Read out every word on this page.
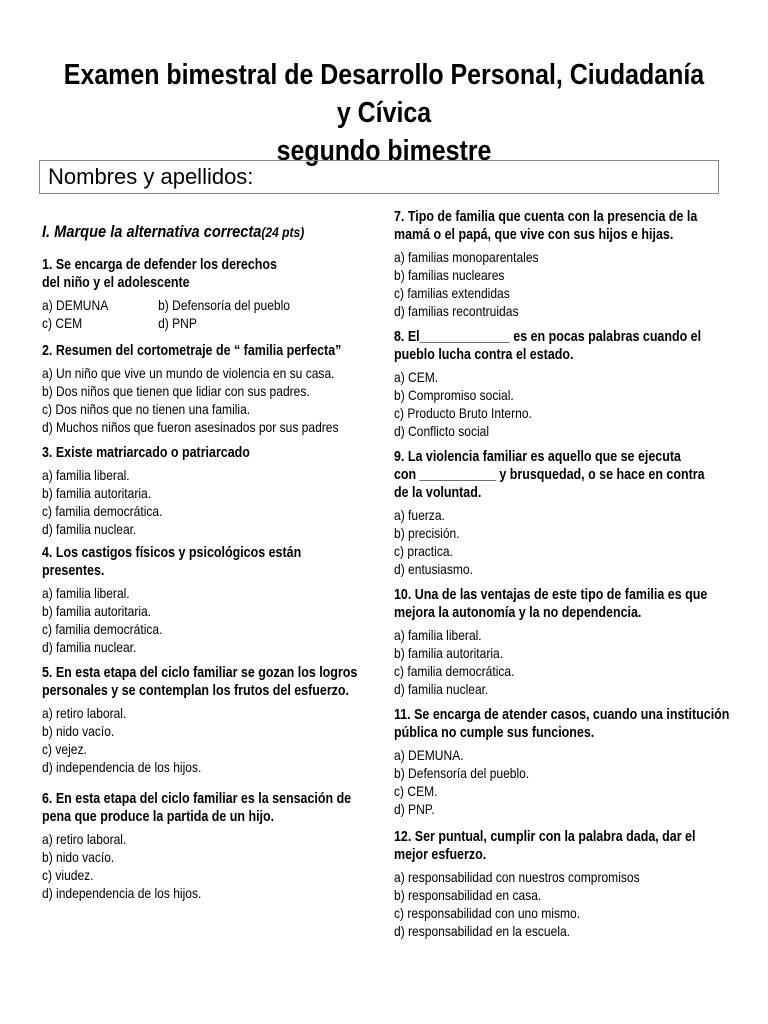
Examen bimestral de Desarrollo Personal, Ciudadanía y Cívica
segundo bimestre
Nombres y apellidos:
I. Marque la alternativa correcta(24 pts)
1. Se encarga de defender los derechos
del niño y el adolescente
a) DEMUNA	b) Defensoría del pueblo
c) CEM	d) PNP
2. Resumen del cortometraje de “ familia perfecta”
a) Un niño que vive un mundo de violencia en su casa.
b) Dos niños que tienen que lidiar con sus padres.
c) Dos niños que no tienen una familia.
d) Muchos niños que fueron asesinados por sus padres
3. Existe matriarcado o patriarcado
a) familia liberal.
b) familia autoritaria.
c) familia democrática.
d) familia nuclear.
4. Los castigos físicos y psicológicos están
presentes.
a) familia liberal.
b) familia autoritaria.
c) familia democrática.
d) familia nuclear.
5. En esta etapa del ciclo familiar se gozan los logros
personales y se contemplan los frutos del esfuerzo.
a) retiro laboral.
b) nido vacío.
c) vejez.
d) independencia de los hijos.
6. En esta etapa del ciclo familiar es la sensación de
pena que produce la partida de un hijo.
a) retiro laboral.
b) nido vacío.
c) viudez.
d) independencia de los hijos.
7. Tipo de familia que cuenta con la presencia de la
mamá o el papá, que vive con sus hijos e hijas.
a) familias monoparentales
b) familias nucleares
c) familias extendidas
d) familias recontruidas
8. El_____________ es en pocas palabras cuando el
pueblo lucha contra el estado.
a) CEM.
b) Compromiso social.
c) Producto Bruto Interno.
d) Conflicto social
9. La violencia familiar es aquello que se ejecuta
con ___________ y brusquedad, o se hace en contra
de la voluntad.
a) fuerza.
b) precisión.
c) practica.
d) entusiasmo.
10. Una de las ventajas de este tipo de familia es que
mejora la autonomía y la no dependencia.
a) familia liberal.
b) familia autoritaria.
c) familia democrática.
d) familia nuclear.
11. Se encarga de atender casos, cuando una institución
pública no cumple sus funciones.
a) DEMUNA.
b) Defensoría del pueblo.
c) CEM.
d) PNP.
12. Ser puntual, cumplir con la palabra dada, dar el
mejor esfuerzo.
a) responsabilidad con nuestros compromisos
b) responsabilidad en casa.
c) responsabilidad con uno mismo.
d) responsabilidad en la escuela.
